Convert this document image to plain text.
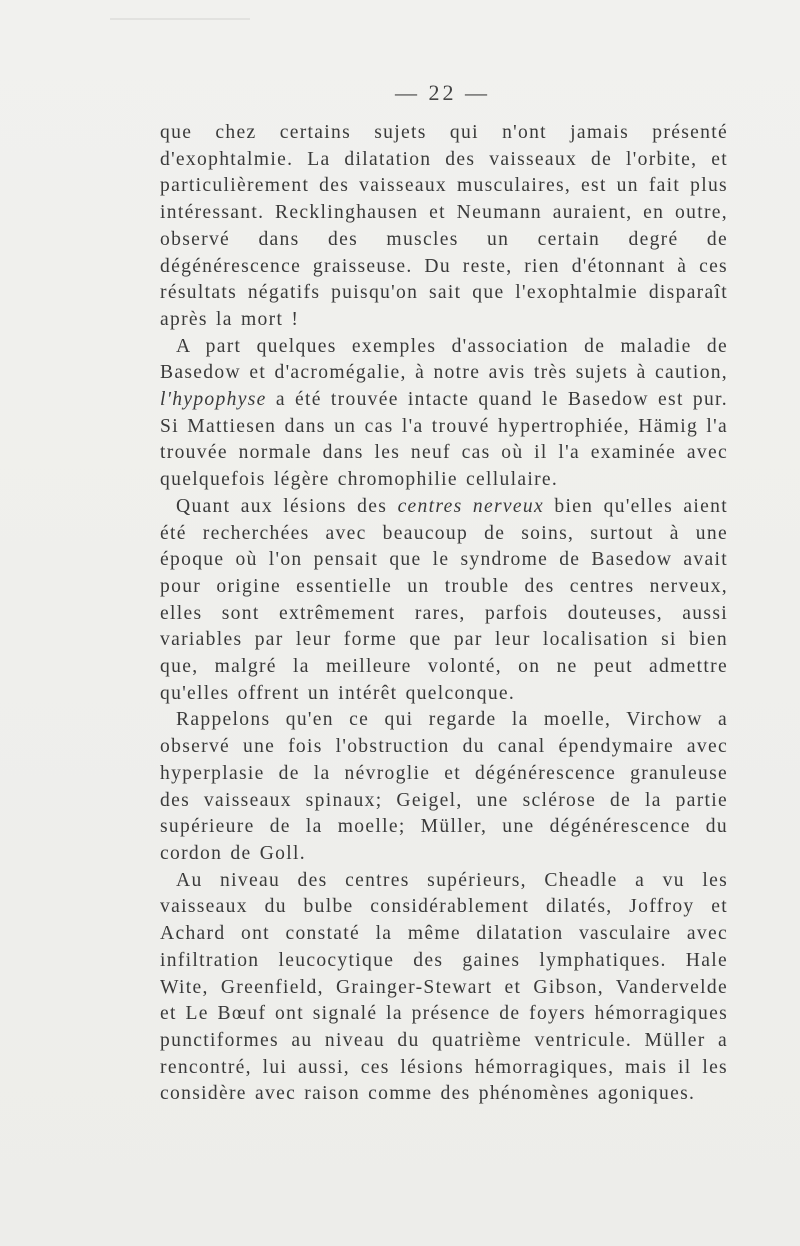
— 22 —

que chez certains sujets qui n'ont jamais présenté d'exophtalmie. La dilatation des vaisseaux de l'orbite, et particulièrement des vaisseaux musculaires, est un fait plus intéressant. Recklinghausen et Neumann auraient, en outre, observé dans des muscles un certain degré de dégénérescence graisseuse. Du reste, rien d'étonnant à ces résultats négatifs puisqu'on sait que l'exophtalmie disparaît après la mort !

A part quelques exemples d'association de maladie de Basedow et d'acromégalie, à notre avis très sujets à caution, l'hypophyse a été trouvée intacte quand le Basedow est pur. Si Mattiesen dans un cas l'a trouvé hypertrophiée, Hämig l'a trouvée normale dans les neuf cas où il l'a examinée avec quelquefois légère chromophilie cellulaire.

Quant aux lésions des centres nerveux bien qu'elles aient été recherchées avec beaucoup de soins, surtout à une époque où l'on pensait que le syndrome de Basedow avait pour origine essentielle un trouble des centres nerveux, elles sont extrêmement rares, parfois douteuses, aussi variables par leur forme que par leur localisation si bien que, malgré la meilleure volonté, on ne peut admettre qu'elles offrent un intérêt quelconque.

Rappelons qu'en ce qui regarde la moelle, Virchow a observé une fois l'obstruction du canal épendymaire avec hyperplasie de la névroglie et dégénérescence granuleuse des vaisseaux spinaux; Geigel, une sclérose de la partie supérieure de la moelle; Müller, une dégénérescence du cordon de Goll.

Au niveau des centres supérieurs, Cheadle a vu les vaisseaux du bulbe considérablement dilatés, Joffroy et Achard ont constaté la même dilatation vasculaire avec infiltration leucocytique des gaines lymphatiques. Hale Wite, Greenfield, Grainger-Stewart et Gibson, Vandervelde et Le Bœuf ont signalé la présence de foyers hémorragiques punctiformes au niveau du quatrième ventricule. Müller a rencontré, lui aussi, ces lésions hémorragiques, mais il les considère avec raison comme des phénomènes agoniques.
